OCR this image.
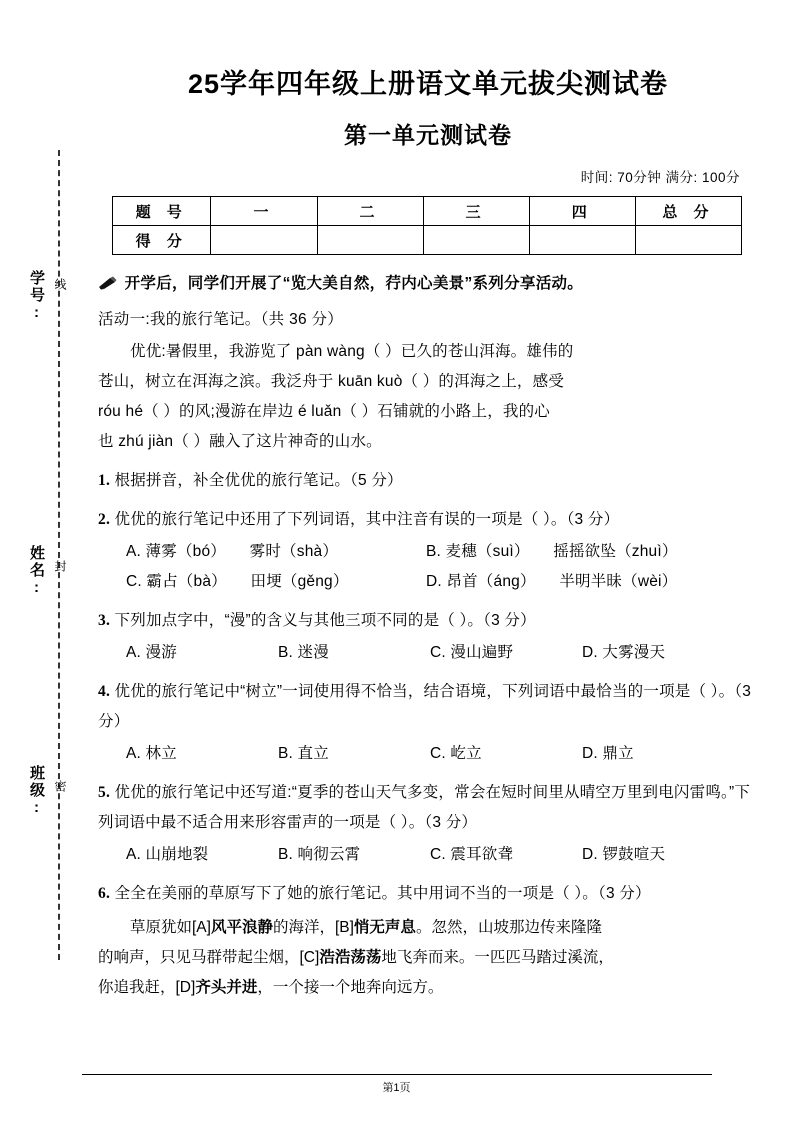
学号: 线
姓名: 封
班级: 密
25学年四年级上册语文单元拔尖测试卷
第一单元测试卷
时间: 70分钟 满分: 100分
题 号	一	二	三	四	总 分
得 分					
开学后，同学们开展了“览大美自然，荇内心美景”系列分享活动。
活动一:我的旅行笔记。（共 36 分）
优优:暑假里，我游览了 pàn wàng（ ）已久的苍山洱海。雄伟的
苍山，树立在洱海之滨。我泛舟于 kuān kuò（ ）的洱海之上，感受
róu hé（ ）的风;漫游在岸边 é luǎn（ ）石铺就的小路上，我的心
也 zhú jiàn（ ）融入了这片神奇的山水。
1. 根据拼音，补全优优的旅行笔记。（5 分）
2. 优优的旅行笔记中还用了下列词语，其中注音有误的一项是（ ）。（3 分）
A. 薄雾（bó）　　雾时（shà）	B. 麦穗（suì）　　摇摇欲坠（zhuì）
C. 霸占（bà）　　田埂（gěng）	D. 昂首（áng）　　半明半昧（wèi）
3. 下列加点字中，“漫”的含义与其他三项不同的是（ ）。（3 分）
A. 漫游	B. 迷漫	C. 漫山遍野	D. 大雾漫天
4. 优优的旅行笔记中“树立”一词使用得不恰当，结合语境，下列词语中最恰当的一项是（ ）。（3 分）
A. 林立	B. 直立	C. 屹立	D. 鼎立
5. 优优的旅行笔记中还写道:“夏季的苍山天气多变，常会在短时间里从晴空万里到电闪雷鸣。”下列词语中最不适合用来形容雷声的一项是（ ）。（3 分）
A. 山崩地裂	B. 响彻云霄	C. 震耳欲聋	D. 锣鼓喧天
6. 全全在美丽的草原写下了她的旅行笔记。其中用词不当的一项是（ ）。（3 分）
草原犹如[A]风平浪静的海洋，[B]悄无声息。忽然，山坡那边传来隆隆
的响声，只见马群带起尘烟，[C]浩浩荡荡地飞奔而来。一匹匹马踏过溪流，
你追我赶，[D]齐头并进，一个接一个地奔向远方。
第1页
